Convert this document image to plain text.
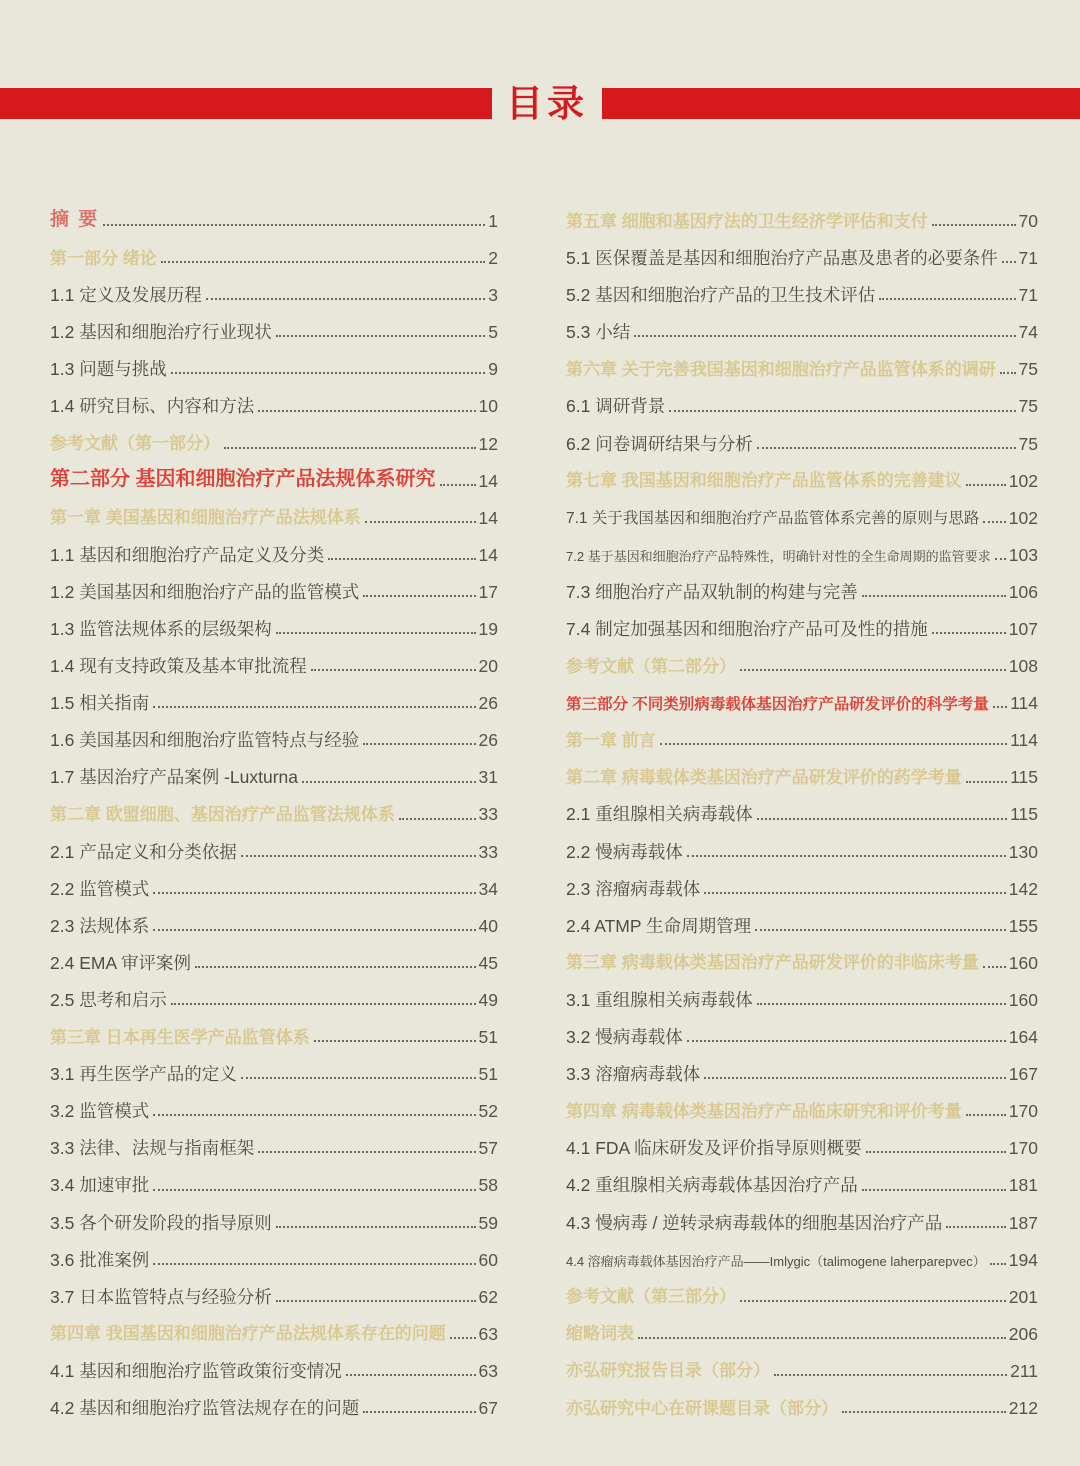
目录
摘 要	1
第一部分 绪论	2
1.1 定义及发展历程	3
1.2 基因和细胞治疗行业现状	5
1.3 问题与挑战	9
1.4 研究目标、内容和方法	10
参考文献（第一部分）	12
第二部分 基因和细胞治疗产品法规体系研究 14
第一章 美国基因和细胞治疗产品法规体系	14
1.1 基因和细胞治疗产品定义及分类	14
1.2 美国基因和细胞治疗产品的监管模式	17
1.3 监管法规体系的层级架构	19
1.4 现有支持政策及基本审批流程	20
1.5 相关指南	26
1.6 美国基因和细胞治疗监管特点与经验	26
1.7 基因治疗产品案例 -Luxturna	31
第二章 欧盟细胞、基因治疗产品监管法规体系	33
2.1 产品定义和分类依据	33
2.2 监管模式	34
2.3 法规体系	40
2.4 EMA 审评案例	45
2.5 思考和启示	49
第三章 日本再生医学产品监管体系	51
3.1 再生医学产品的定义	51
3.2 监管模式	52
3.3 法律、法规与指南框架	57
3.4 加速审批	58
3.5 各个研发阶段的指导原则	59
3.6 批准案例	60
3.7 日本监管特点与经验分析	62
第四章 我国基因和细胞治疗产品法规体系存在的问题 63
4.1 基因和细胞治疗监管政策衍变情况	63
4.2 基因和细胞治疗监管法规存在的问题	67
第五章 细胞和基因疗法的卫生经济学评估和支付	70
5.1 医保覆盖是基因和细胞治疗产品惠及患者的必要条件 71
5.2 基因和细胞治疗产品的卫生技术评估	71
5.3 小结	74
第六章 关于完善我国基因和细胞治疗产品监管体系的调研 75
6.1 调研背景	75
6.2 问卷调研结果与分析	75
第七章 我国基因和细胞治疗产品监管体系的完善建议	102
7.1 关于我国基因和细胞治疗产品监管体系完善的原则与思路 102
7.2 基于基因和细胞治疗产品特殊性，明确针对性的全生命周期的监管要求 103
7.3 细胞治疗产品双轨制的构建与完善	106
7.4 制定加强基因和细胞治疗产品可及性的措施	107
参考文献（第二部分）	108
第三部分 不同类别病毒载体基因治疗产品研发评价的科学考量 114
第一章 前言	114
第二章 病毒载体类基因治疗产品研发评价的药学考量	115
2.1 重组腺相关病毒载体	115
2.2 慢病毒载体	130
2.3 溶瘤病毒载体	142
2.4 ATMP 生命周期管理	155
第三章 病毒载体类基因治疗产品研发评价的非临床考量 160
3.1 重组腺相关病毒载体	160
3.2 慢病毒载体	164
3.3 溶瘤病毒载体	167
第四章 病毒载体类基因治疗产品临床研究和评价考量	170
4.1 FDA 临床研发及评价指导原则概要	170
4.2 重组腺相关病毒载体基因治疗产品	181
4.3 慢病毒 / 逆转录病毒载体的细胞基因治疗产品	187
4.4 溶瘤病毒载体基因治疗产品——Imlygic（talimogene laherparepvec） 194
参考文献（第三部分）	201
缩略词表	206
亦弘研究报告目录（部分）	211
亦弘研究中心在研课题目录（部分）	212
